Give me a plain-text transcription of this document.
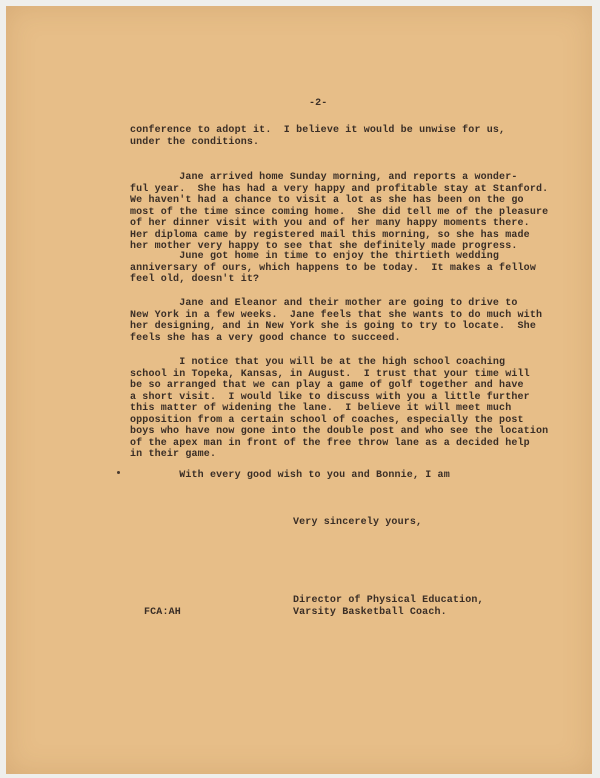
-2-
conference to adopt it.  I believe it would be unwise for us,
under the conditions.
Jane arrived home Sunday morning, and reports a wonder-
ful year.  She has had a very happy and profitable stay at Stanford.
We haven't had a chance to visit a lot as she has been on the go
most of the time since coming home.  She did tell me of the pleasure
of her dinner visit with you and of her many happy moments there.
Her diploma came by registered mail this morning, so she has made
her mother very happy to see that she definitely made progress.
June got home in time to enjoy the thirtieth wedding
anniversary of ours, which happens to be today.  It makes a fellow
feel old, doesn't it?
Jane and Eleanor and their mother are going to drive to
New York in a few weeks.  Jane feels that she wants to do much with
her designing, and in New York she is going to try to locate.  She
feels she has a very good chance to succeed.
I notice that you will be at the high school coaching
school in Topeka, Kansas, in August.  I trust that your time will
be so arranged that we can play a game of golf together and have
a short visit.  I would like to discuss with you a little further
this matter of widening the lane.  I believe it will meet much
opposition from a certain school of coaches, especially the post
boys who have now gone into the double post and who see the location
of the apex man in front of the free throw lane as a decided help
in their game.
With every good wish to you and Bonnie, I am
Very sincerely yours,
Director of Physical Education,
Varsity Basketball Coach.
FCA:AH
